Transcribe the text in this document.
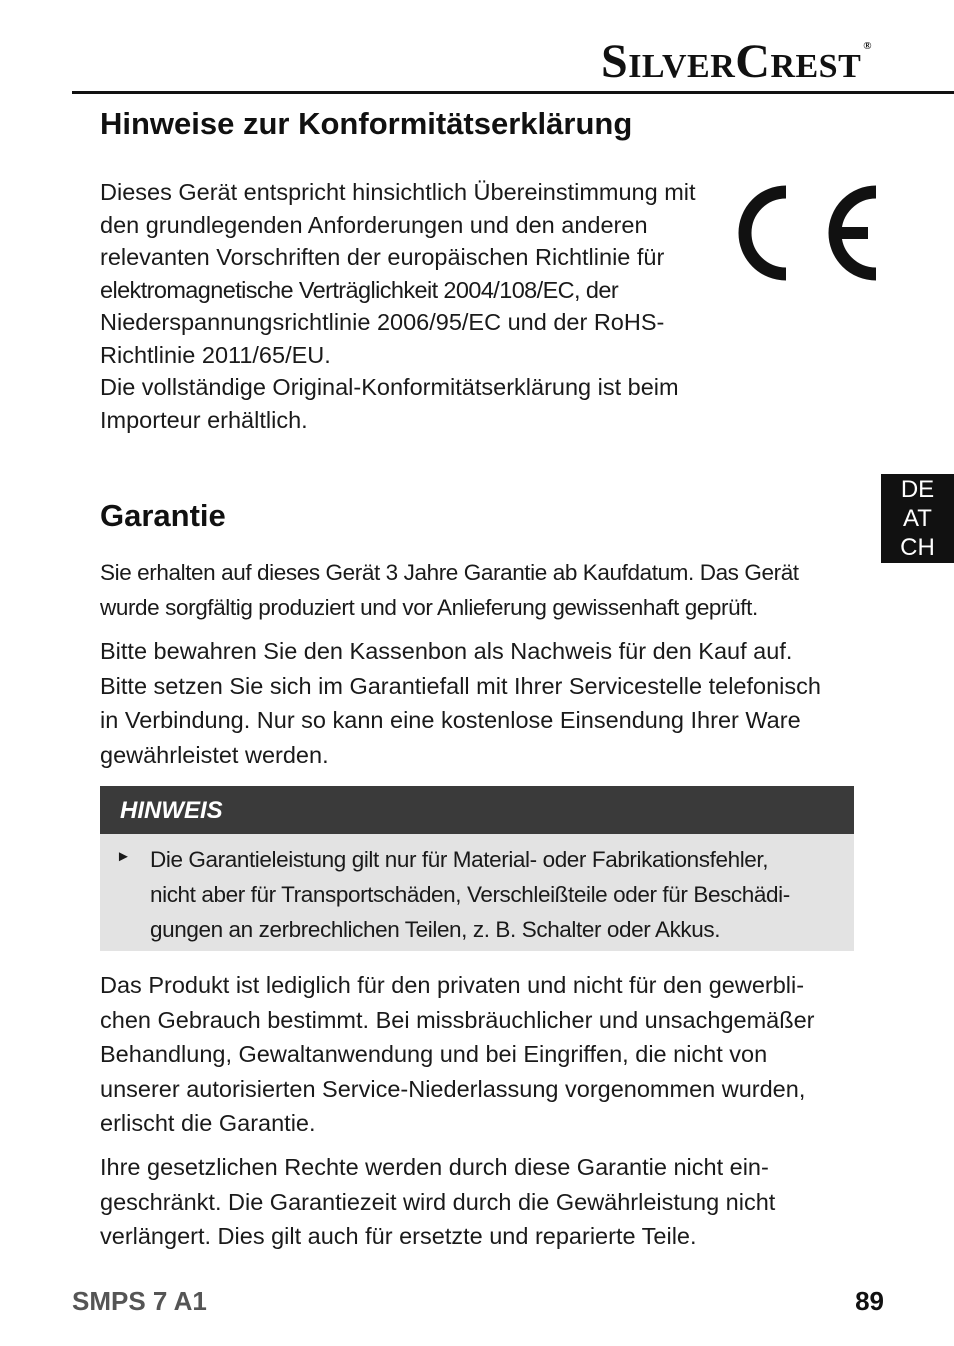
SILVERCREST®
Hinweise zur Konformitätserklärung

Dieses Gerät entspricht hinsichtlich Übereinstimmung mit
den grundlegenden Anforderungen und den anderen
relevanten Vorschriften der europäischen Richtlinie für
elektromagnetische Verträglichkeit 2004/108/EC, der
Niederspannungsrichtlinie 2006/95/EC und der RoHS-
Richtlinie 2011/65/EU.
Die vollständige Original-Konformitätserklärung ist beim
Importeur erhältlich.

DE
AT
CH
Garantie

Sie erhalten auf dieses Gerät 3 Jahre Garantie ab Kaufdatum. Das Gerät
wurde sorgfältig produziert und vor Anlieferung gewissenhaft geprüft.

Bitte bewahren Sie den Kassenbon als Nachweis für den Kauf auf.
Bitte setzen Sie sich im Garantiefall mit Ihrer Servicestelle telefonisch
in Verbindung. Nur so kann eine kostenlose Einsendung Ihrer Ware
gewährleistet werden.

HINWEIS
► Die Garantieleistung gilt nur für Material- oder Fabrikationsfehler,
nicht aber für Transportschäden, Verschleißteile oder für Beschädi-
gungen an zerbrechlichen Teilen, z. B. Schalter oder Akkus.

Das Produkt ist lediglich für den privaten und nicht für den gewerbli-
chen Gebrauch bestimmt. Bei missbräuchlicher und unsachgemäßer
Behandlung, Gewaltanwendung und bei Eingriffen, die nicht von
unserer autorisierten Service-Niederlassung vorgenommen wurden,
erlischt die Garantie.

Ihre gesetzlichen Rechte werden durch diese Garantie nicht ein-
geschränkt. Die Garantiezeit wird durch die Gewährleistung nicht
verlängert. Dies gilt auch für ersetzte und reparierte Teile.

SMPS 7 A1	89
